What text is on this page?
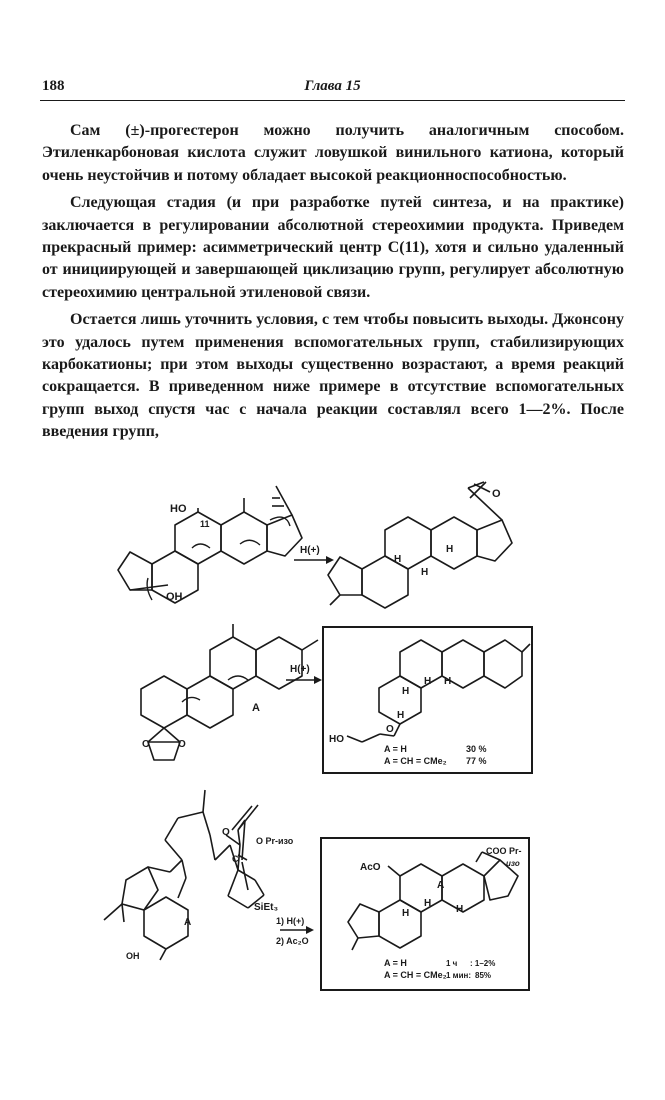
188	Глава 15

Сам (±)-прогестерон можно получить аналогичным способом. Этиленкарбоновая кислота служит ловушкой винильного катиона, который очень неустойчив и потому обладает высокой реакционноспособностью.

Следующая стадия (и при разработке путей синтеза, и на практике) заключается в регулировании абсолютной стереохимии продукта. Приведем прекрасный пример: асимметрический центр C(11), хотя и сильно удаленный от инициирующей и завершающей циклизацию групп, регулирует абсолютную стереохимию центральной этиленовой связи.

Остается лишь уточнить условия, с тем чтобы повысить выходы. Джонсону это удалось путем применения вспомогательных групп, стабилизирующих карбокатионы; при этом выходы существенно возрастают, а время реакций сокращается. В приведенном ниже примере в отсутствие вспомогательных групп выход спустя час с начала реакции составлял всего 1—2%. После введения групп,

HO
11
OH
H(+)
O
H
H
H
A
O	O
H(+)
HO
O
H
H H
H
A = H	30 %
A = CH = CMe₂ 77 %
O Pr-изо
O
C
SiEt₃
A
OH
1) H(+)
2) Ac₂O
AcO
COO Pr-
изо
A
H
H
H
A = H	1 ч : 1–2%
A = CH = CMe₂ 1 мин: 85%
